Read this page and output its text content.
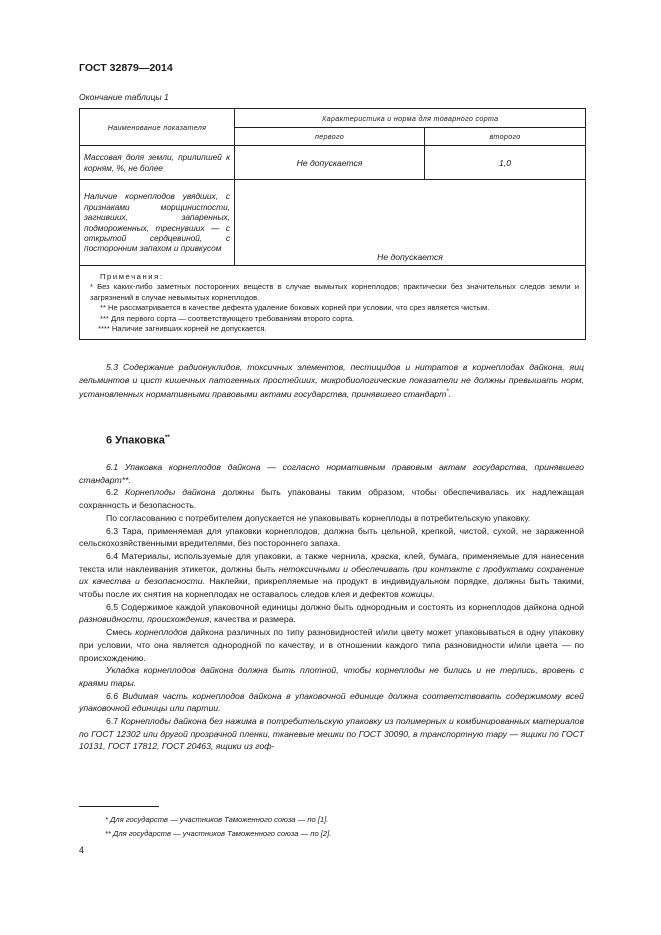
ГОСТ 32879—2014
Окончание таблицы 1
Наименование показателя	Характеристика и норма для товарного сорта	
	первого	второго
Массовая доля земли, прилипшей к корням, %, не более	Не допускается	1,0
Наличие корнеплодов увядших, с признаками морщинистости, загнивших, запаренных, подмороженных, треснувших — с открытой сердцевиной, с посторонним запахом и привкусом	Не допускается	

Примечания:
* Без каких-либо заметных посторонних веществ в случае вымытых корнеплодов; практически без значительных следов земли и загрязнений в случае невымытых корнеплодов.
** Не рассматривается в качестве дефекта удаление боковых корней при условии, что срез является чистым.
*** Для первого сорта — соответствующего требованиям второго сорта.
**** Наличие загнивших корней не допускается.		

5.3 Содержание радионуклидов, токсичных элементов, пестицидов и нитратов в корнеплодах дайкона, яиц гельминтов и цист кишечных патогенных простейших, микробиологические показатели не должны превышать норм, установленных нормативными правовыми актами государства, принявшего стандарт*.

6 Упаковка**

6.1 Упаковка корнеплодов дайкона — согласно нормативным правовым актам государства, принявшего стандарт**.

6.2 Корнеплоды дайкона должны быть упакованы таким образом, чтобы обеспечивалась их надлежащая сохранность и безопасность.

По согласованию с потребителем допускается не упаковывать корнеплоды в потребительскую упаковку.

6.3 Тара, применяемая для упаковки корнеплодов, должна быть цельной, крепкой, чистой, сухой, не зараженной сельскохозяйственными вредителями, без постороннего запаха.

6.4 Материалы, используемые для упаковки, а также чернила, краска, клей, бумага, применяемые для нанесения текста или наклеивания этикеток, должны быть нетоксичными и обеспечивать при контакте с продуктами сохранение их качества и безопасности. Наклейки, прикрепляемые на продукт в индивидуальном порядке, должны быть такими, чтобы после их снятия на корнеплодах не оставалось следов клея и дефектов кожицы.

6.5 Содержимое каждой упаковочной единицы должно быть однородным и состоять из корнеплодов дайкона одной разновидности, происхождения, качества и размера.

Смесь корнеплодов дайкона различных по типу разновидностей и/или цвету может упаковываться в одну упаковку при условии, что она является однородной по качеству, и в отношении каждого типа разновидности и/или цвета — по происхождению.

Укладка корнеплодов дайкона должна быть плотной, чтобы корнеплоды не бились и не терлись, вровень с краями тары.

6.6 Видимая часть корнеплодов дайкона в упаковочной единице должна соответствовать содержимому всей упаковочной единицы или партии.

6.7 Корнеплоды дайкона без нажима в потребительскую упаковку из полимерных и комбинированных материалов по ГОСТ 12302 или другой прозрачной пленки, тканевые мешки по ГОСТ 30090, в транспортную тару — ящики по ГОСТ 10131, ГОСТ 17812, ГОСТ 20463, ящики из гоф-

* Для государств — участников Таможенного союза — по [1].
** Для государств — участников Таможенного союза — по [2].
4
